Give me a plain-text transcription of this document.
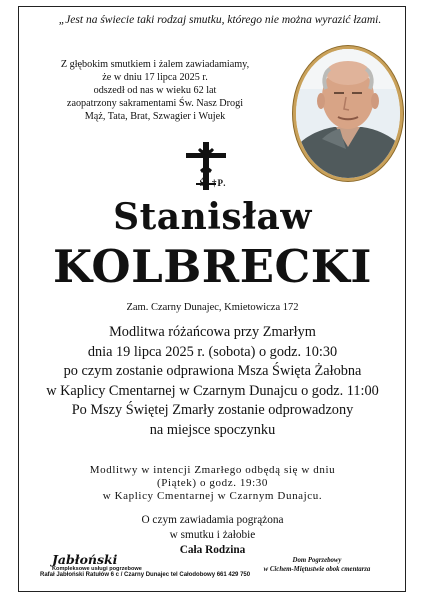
„Jest na świecie taki rodzaj smutku, którego nie można wyrazić łzami.
Z głębokim smutkiem i żalem zawiadamiamy,
że w dniu 17 lipca 2025 r.
odszedł od nas w wieku 62 lat
zaopatrzony sakramentami Św. Nasz Drogi
Mąż, Tata, Brat, Szwagier i Wujek
Ś. †P.
Stanisław
KOLBRECKI
Zam. Czarny Dunajec, Kmietowicza 172
Modlitwa różańcowa przy Zmarłym
dnia 19 lipca 2025 r. (sobota) o godz. 10:30
po czym zostanie odprawiona Msza Święta Żałobna
w Kaplicy Cmentarnej w Czarnym Dunajcu o godz. 11:00
Po Mszy Świętej Zmarły zostanie odprowadzony
na miejsce spoczynku
Modlitwy w intencji Zmarłego odbędą się w dniu
(Piątek) o godz. 19:30
w Kaplicy Cmentarnej w Czarnym Dunajcu.
O czym zawiadamia pogrążona
w smutku i żałobie
Cała Rodzina
Jabłoński
Kompleksowe usługi pogrzebowe
Rafał Jabłoński Ratułów 6 c / Czarny Dunajec tel Całodobowy 661 429 750
Dom Pogrzebowy
w Cichem-Miętustwie obok cmentarza
